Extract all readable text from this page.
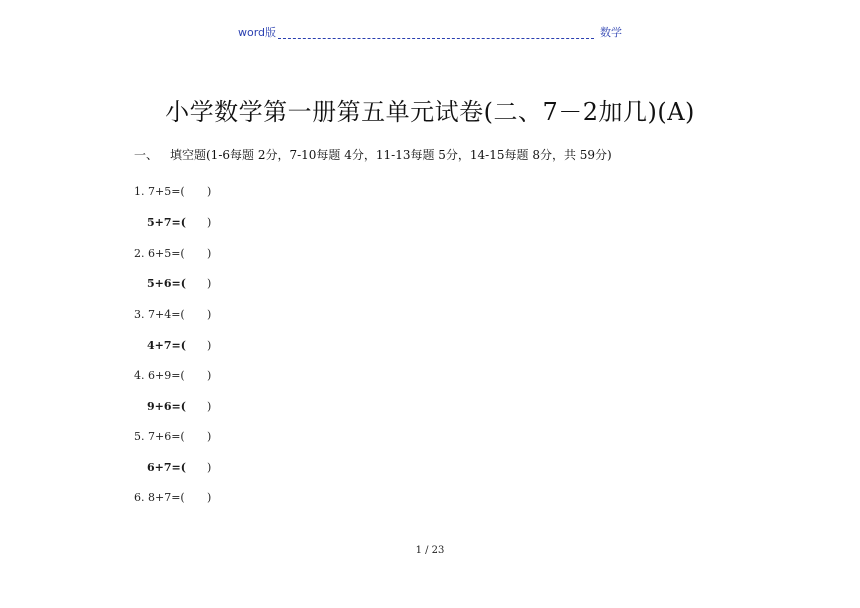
word版	数学
小学数学第一册第五单元试卷(二、7－2加几)(A)
一、 填空题(1-6每题 2分，7-10每题 4分，11-13每题 5分，14-15每题 8分，共 59分)
1. 7+5=( )
5+7=( )
2. 6+5=( )
5+6=( )
3. 7+4=( )
4+7=( )
4. 6+9=( )
9+6=( )
5. 7+6=( )
6+7=( )
6. 8+7=( )
1 / 23
